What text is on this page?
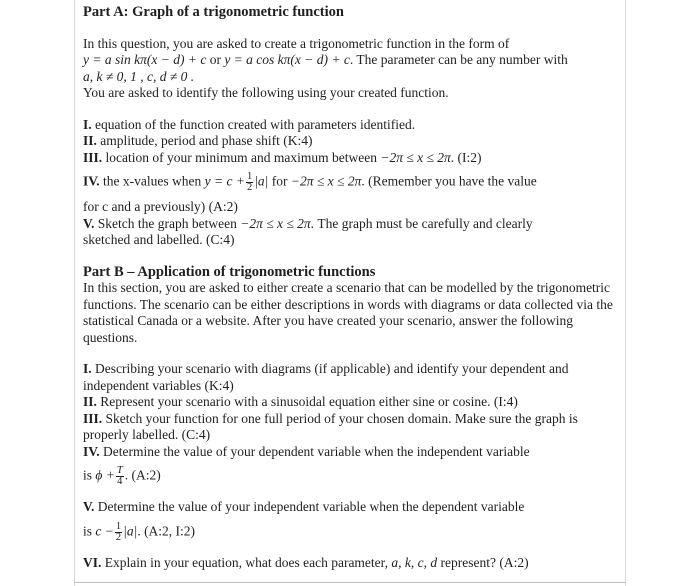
Part A: Graph of a trigonometric function

In this question, you are asked to create a trigonometric function in the form of

y = a sin kπ(x − d) + c or y = a cos kπ(x − d) + c. The parameter can be any number with

a, k ≠ 0, 1 , c, d ≠ 0 .

You are asked to identify the following using your created function.

I. equation of the function created with parameters identified.

II. amplitude, period and phase shift (K:4)

III. location of your minimum and maximum between −2π ≤ x ≤ 2π. (I:2)

IV. the x-values when $y = c + \frac{1}{2} |a|$ for −2π ≤ x ≤ 2π. (Remember you have the value

for c and a previously) (A:2)

V. Sketch the graph between −2π ≤ x ≤ 2π. The graph must be carefully and clearly

sketched and labelled. (C:4)

Part B – Application of trigonometric functions

In this section, you are asked to either create a scenario that can be modelled by the trigonometric functions. The scenario can be either descriptions in words with diagrams or data collected via the statistical Canada or a website. After you have created your scenario, answer the following questions.

I. Describing your scenario with diagrams (if applicable) and identify your dependent and independent variables (K:4)

II. Represent your scenario with a sinusoidal equation either sine or cosine. (I:4)

III. Sketch your function for one full period of your chosen domain. Make sure the graph is properly labelled. (C:4)

IV. Determine the value of your dependent variable when the independent variable

is $\phi + \frac{T}{4}$ . (A:2)

V. Determine the value of your independent variable when the dependent variable

is $c - \frac{1}{2} |a|$. (A:2, I:2)

VI. Explain in your equation, what does each parameter, a, k, c, d represent? (A:2)
